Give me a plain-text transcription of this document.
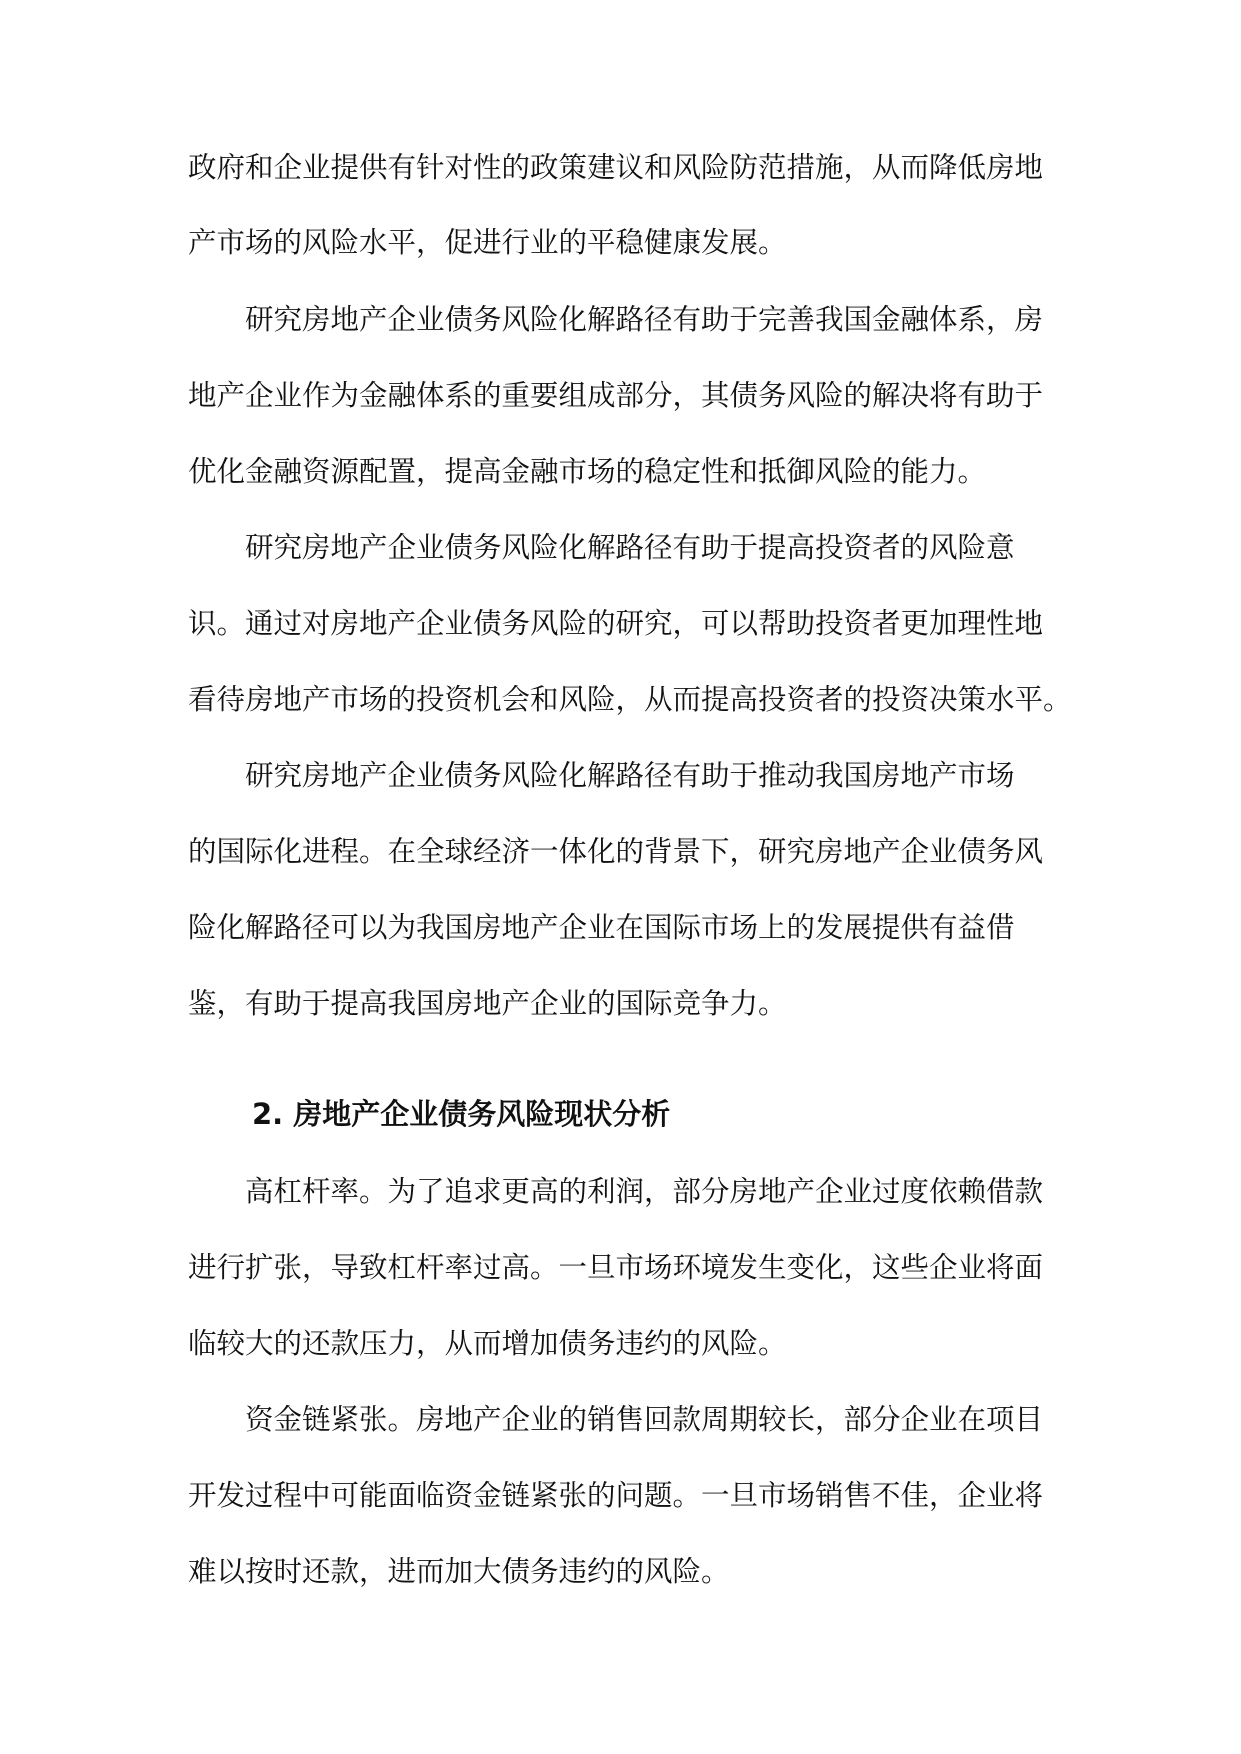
政府和企业提供有针对性的政策建议和风险防范措施，从而降低房地

产市场的风险水平，促进行业的平稳健康发展。

研究房地产企业债务风险化解路径有助于完善我国金融体系，房

地产企业作为金融体系的重要组成部分，其债务风险的解决将有助于

优化金融资源配置，提高金融市场的稳定性和抵御风险的能力。

研究房地产企业债务风险化解路径有助于提高投资者的风险意

识。通过对房地产企业债务风险的研究，可以帮助投资者更加理性地

看待房地产市场的投资机会和风险，从而提高投资者的投资决策水平。

研究房地产企业债务风险化解路径有助于推动我国房地产市场

的国际化进程。在全球经济一体化的背景下，研究房地产企业债务风

险化解路径可以为我国房地产企业在国际市场上的发展提供有益借

鉴，有助于提高我国房地产企业的国际竞争力。

2. 房地产企业债务风险现状分析

高杠杆率。为了追求更高的利润，部分房地产企业过度依赖借款

进行扩张，导致杠杆率过高。一旦市场环境发生变化，这些企业将面

临较大的还款压力，从而增加债务违约的风险。

资金链紧张。房地产企业的销售回款周期较长，部分企业在项目

开发过程中可能面临资金链紧张的问题。一旦市场销售不佳，企业将

难以按时还款，进而加大债务违约的风险。
